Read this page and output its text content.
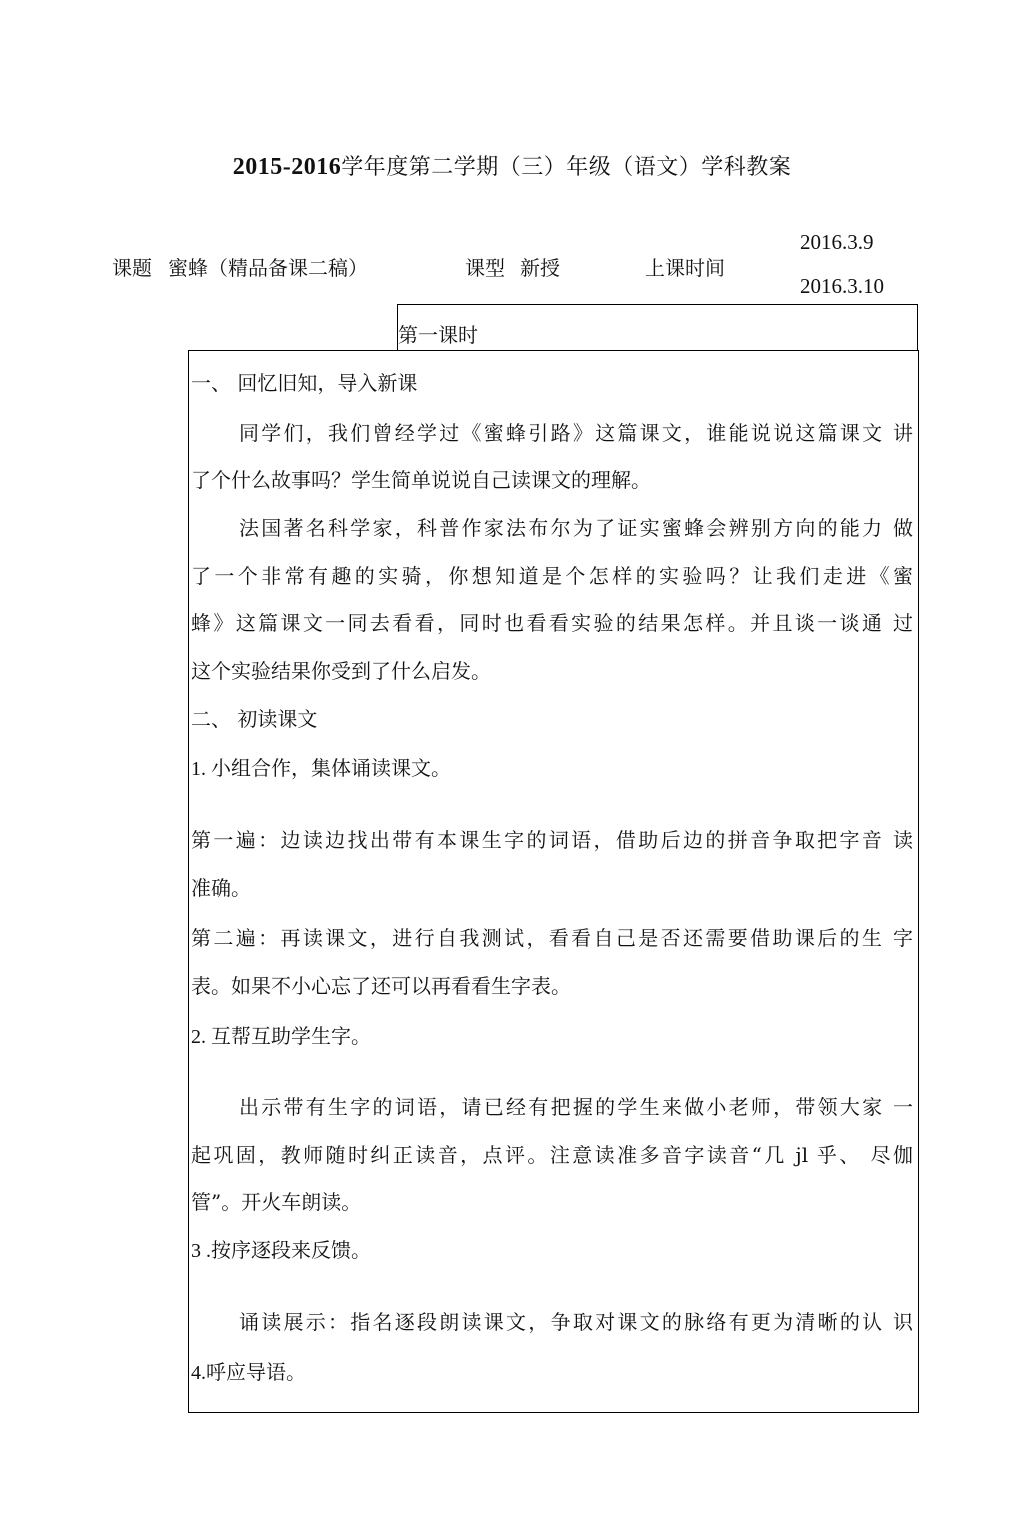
2015-2016学年度第二学期（三）年级（语文）学科教案
课题 蜜蜂（精品备课二稿）	课型 新授	上课时间
2016.3.9
2016.3.10
第一课时
一、 回忆旧知，导入新课
同学们，我们曾经学过《蜜蜂引路》这篇课文，谁能说说这篇课文 讲
了个什么故事吗？学生简单说说自己读课文的理解。
法国著名科学家，科普作家法布尔为了证实蜜蜂会辨别方向的能力 做
了一个非常有趣的实骑，你想知道是个怎样的实验吗？让我们走进《蜜
蜂》这篇课文一同去看看，同时也看看实验的结果怎样。并且谈一谈通 过
这个实验结果你受到了什么启发。
二、 初读课文
1. 小组合作，集体诵读课文。
第一遍：边读边找出带有本课生字的词语，借助后边的拼音争取把字音 读
准确。
第二遍：再读课文，进行自我测试，看看自己是否还需要借助课后的生 字
表。如果不小心忘了还可以再看看生字表。
2. 互帮互助学生字。
出示带有生字的词语，请已经有把握的学生来做小老师，带领大家 一
起巩固，教师随时纠正读音，点评。注意读准多音字读音“几 jl 乎、 尽伽
管”。开火车朗读。
3 .按序逐段来反馈。
诵读展示：指名逐段朗读课文，争取对课文的脉络有更为清晰的认 识
4.呼应导语。
